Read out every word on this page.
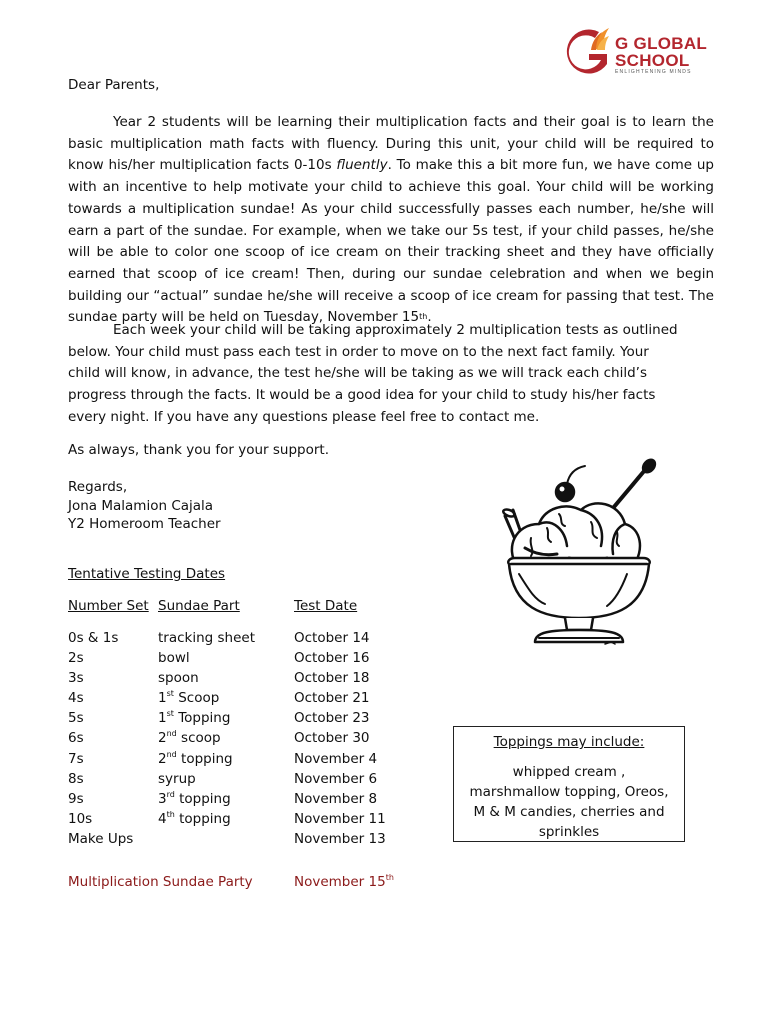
G GLOBAL
SCHOOL
ENLIGHTENING MINDS
Dear Parents,
Year 2 students will be learning their multiplication facts and their goal is to learn the basic multiplication math facts with fluency. During this unit, your child will be required to know his/her multiplication facts 0-10s fluently. To make this a bit more fun, we have come up with an incentive to help motivate your child to achieve this goal. Your child will be working towards a multiplication sundae! As your child successfully passes each number, he/she will earn a part of the sundae. For example, when we take our 5s test, if your child passes, he/she will be able to color one scoop of ice cream on their tracking sheet and they have officially earned that scoop of ice cream! Then, during our sundae celebration and when we begin building our “actual” sundae he/she will receive a scoop of ice cream for passing that test. The sundae party will be held on Tuesday, November 15th.
Each week your child will be taking approximately 2 multiplication tests as outlined below. Your child must pass each test in order to move on to the next fact family. Your child will know, in advance, the test he/she will be taking as we will track each child’s progress through the facts. It would be a good idea for your child to study his/her facts every night. If you have any questions please feel free to contact me.
As always, thank you for your support.
Regards,
Jona Malamion Cajala
Y2 Homeroom Teacher
Tentative Testing Dates
Number Set	Sundae Part	Test Date
0s & 1s	tracking sheet	October 14
2s	bowl	October 16
3s	spoon	October 18
4s	1st Scoop	October 21
5s	1st Topping	October 23
6s	2nd scoop	October 30
7s	2nd topping	November 4
8s	syrup	November 6
9s	3rd topping	November 8
10s	4th topping	November 11
Make Ups		November 13
Multiplication Sundae Party	November 15th
Toppings may include:
whipped cream , marshmallow topping, Oreos, M & M candies, cherries and sprinkles
